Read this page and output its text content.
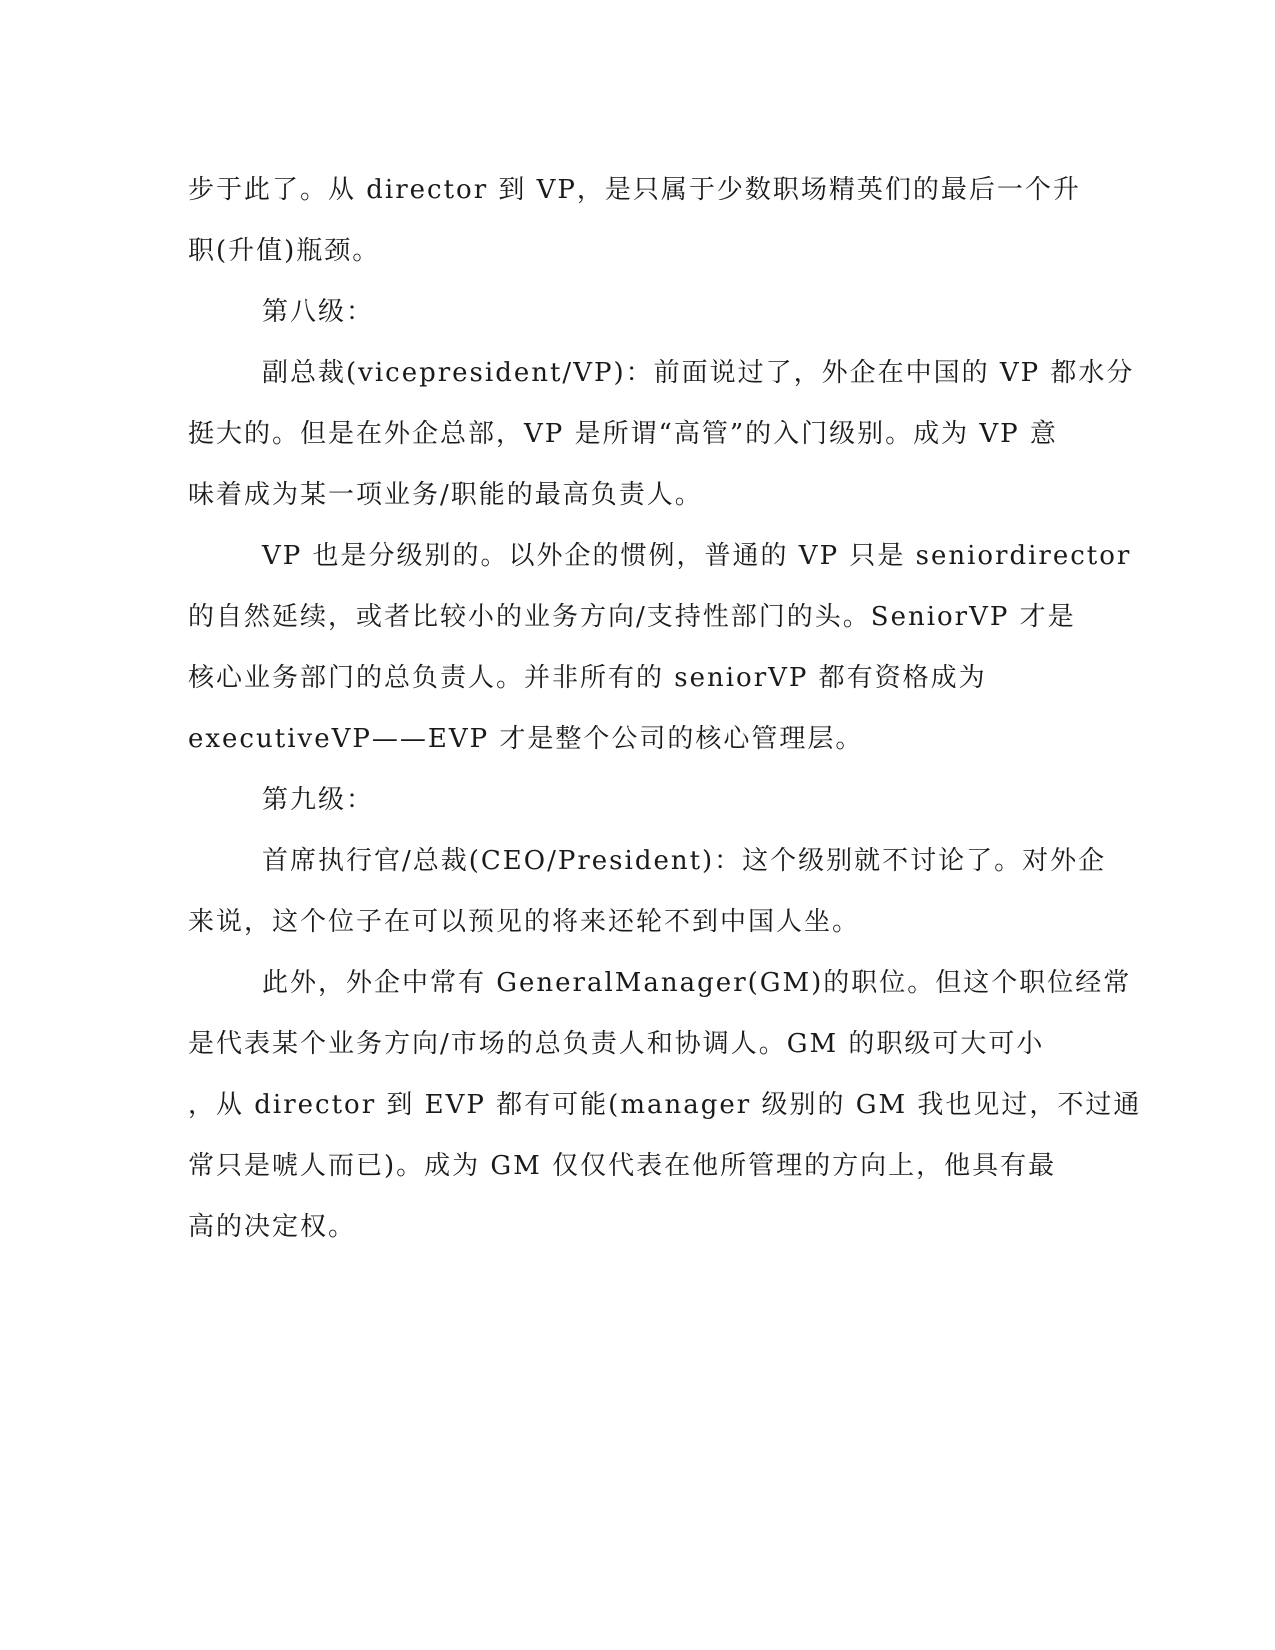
步于此了。从 director 到 VP，是只属于少数职场精英们的最后一个升
职(升值)瓶颈。
第八级：
副总裁(vicepresident/VP)：前面说过了，外企在中国的 VP 都水分
挺大的。但是在外企总部，VP 是所谓“高管”的入门级别。成为 VP 意
味着成为某一项业务/职能的最高负责人。
VP 也是分级别的。以外企的惯例，普通的 VP 只是 seniordirector
的自然延续，或者比较小的业务方向/支持性部门的头。SeniorVP 才是
核心业务部门的总负责人。并非所有的 seniorVP 都有资格成为
executiveVP——EVP 才是整个公司的核心管理层。
第九级：
首席执行官/总裁(CEO/President)：这个级别就不讨论了。对外企
来说，这个位子在可以预见的将来还轮不到中国人坐。
此外，外企中常有 GeneralManager(GM)的职位。但这个职位经常
是代表某个业务方向/市场的总负责人和协调人。GM 的职级可大可小
，从 director 到 EVP 都有可能(manager 级别的 GM 我也见过，不过通
常只是唬人而已)。成为 GM 仅仅代表在他所管理的方向上，他具有最
高的决定权。
